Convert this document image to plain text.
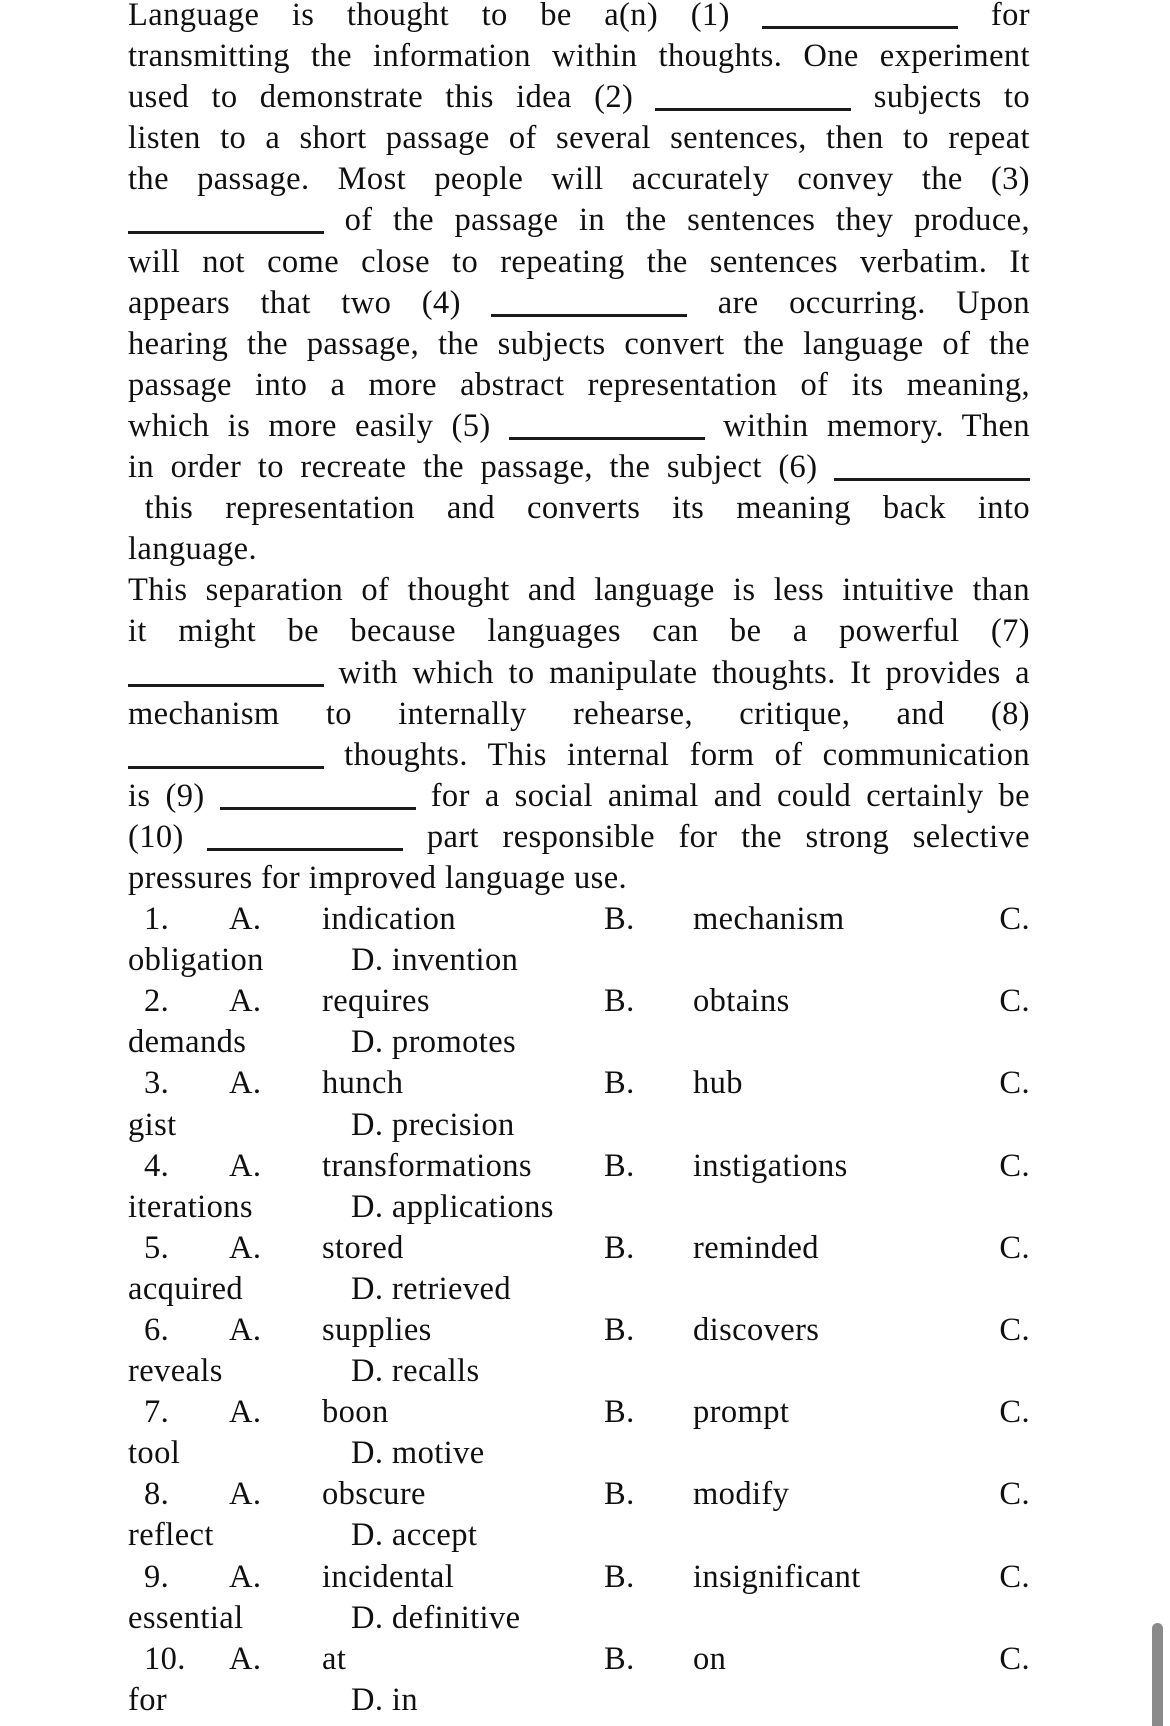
Language is thought to be a(n) (1)	for
transmitting the information within thoughts. One experiment
used to demonstrate this idea (2)	subjects to
listen to a short passage of several sentences, then to repeat
the passage. Most people will accurately convey the (3)
of the passage in the sentences they produce,
will not come close to repeating the sentences verbatim. It
appears that two (4)	are occurring. Upon
hearing the passage, the subjects convert the language of the
passage into a more abstract representation of its meaning,
which is more easily (5)	within memory. Then
in order to recreate the passage, the subject (6)
 this representation and converts its meaning back into
language.
This separation of thought and language is less intuitive than
it might be because languages can be a powerful (7)
with which to manipulate thoughts. It provides a
mechanism to internally rehearse, critique, and (8)
thoughts. This internal form of communication
is (9)	for a social animal and could certainly be
(10)	part responsible for the strong selective
pressures for improved language use.
1.	A.	indication	B.	mechanism	C.
obligation	D. invention
2.	A.	requires	B.	obtains	C.
demands	D. promotes
3.	A.	hunch	B.	hub	C.
gist	D. precision
4.	A.	transformations	B.	instigations	C.
iterations	D. applications
5.	A.	stored	B.	reminded	C.
acquired	D. retrieved
6.	A.	supplies	B.	discovers	C.
reveals	D. recalls
7.	A.	boon	B.	prompt	C.
tool	D. motive
8.	A.	obscure	B.	modify	C.
reflect	D. accept
9.	A.	incidental	B.	insignificant	C.
essential	D. definitive
10.	A.	at	B.	on	C.
for	D. in
